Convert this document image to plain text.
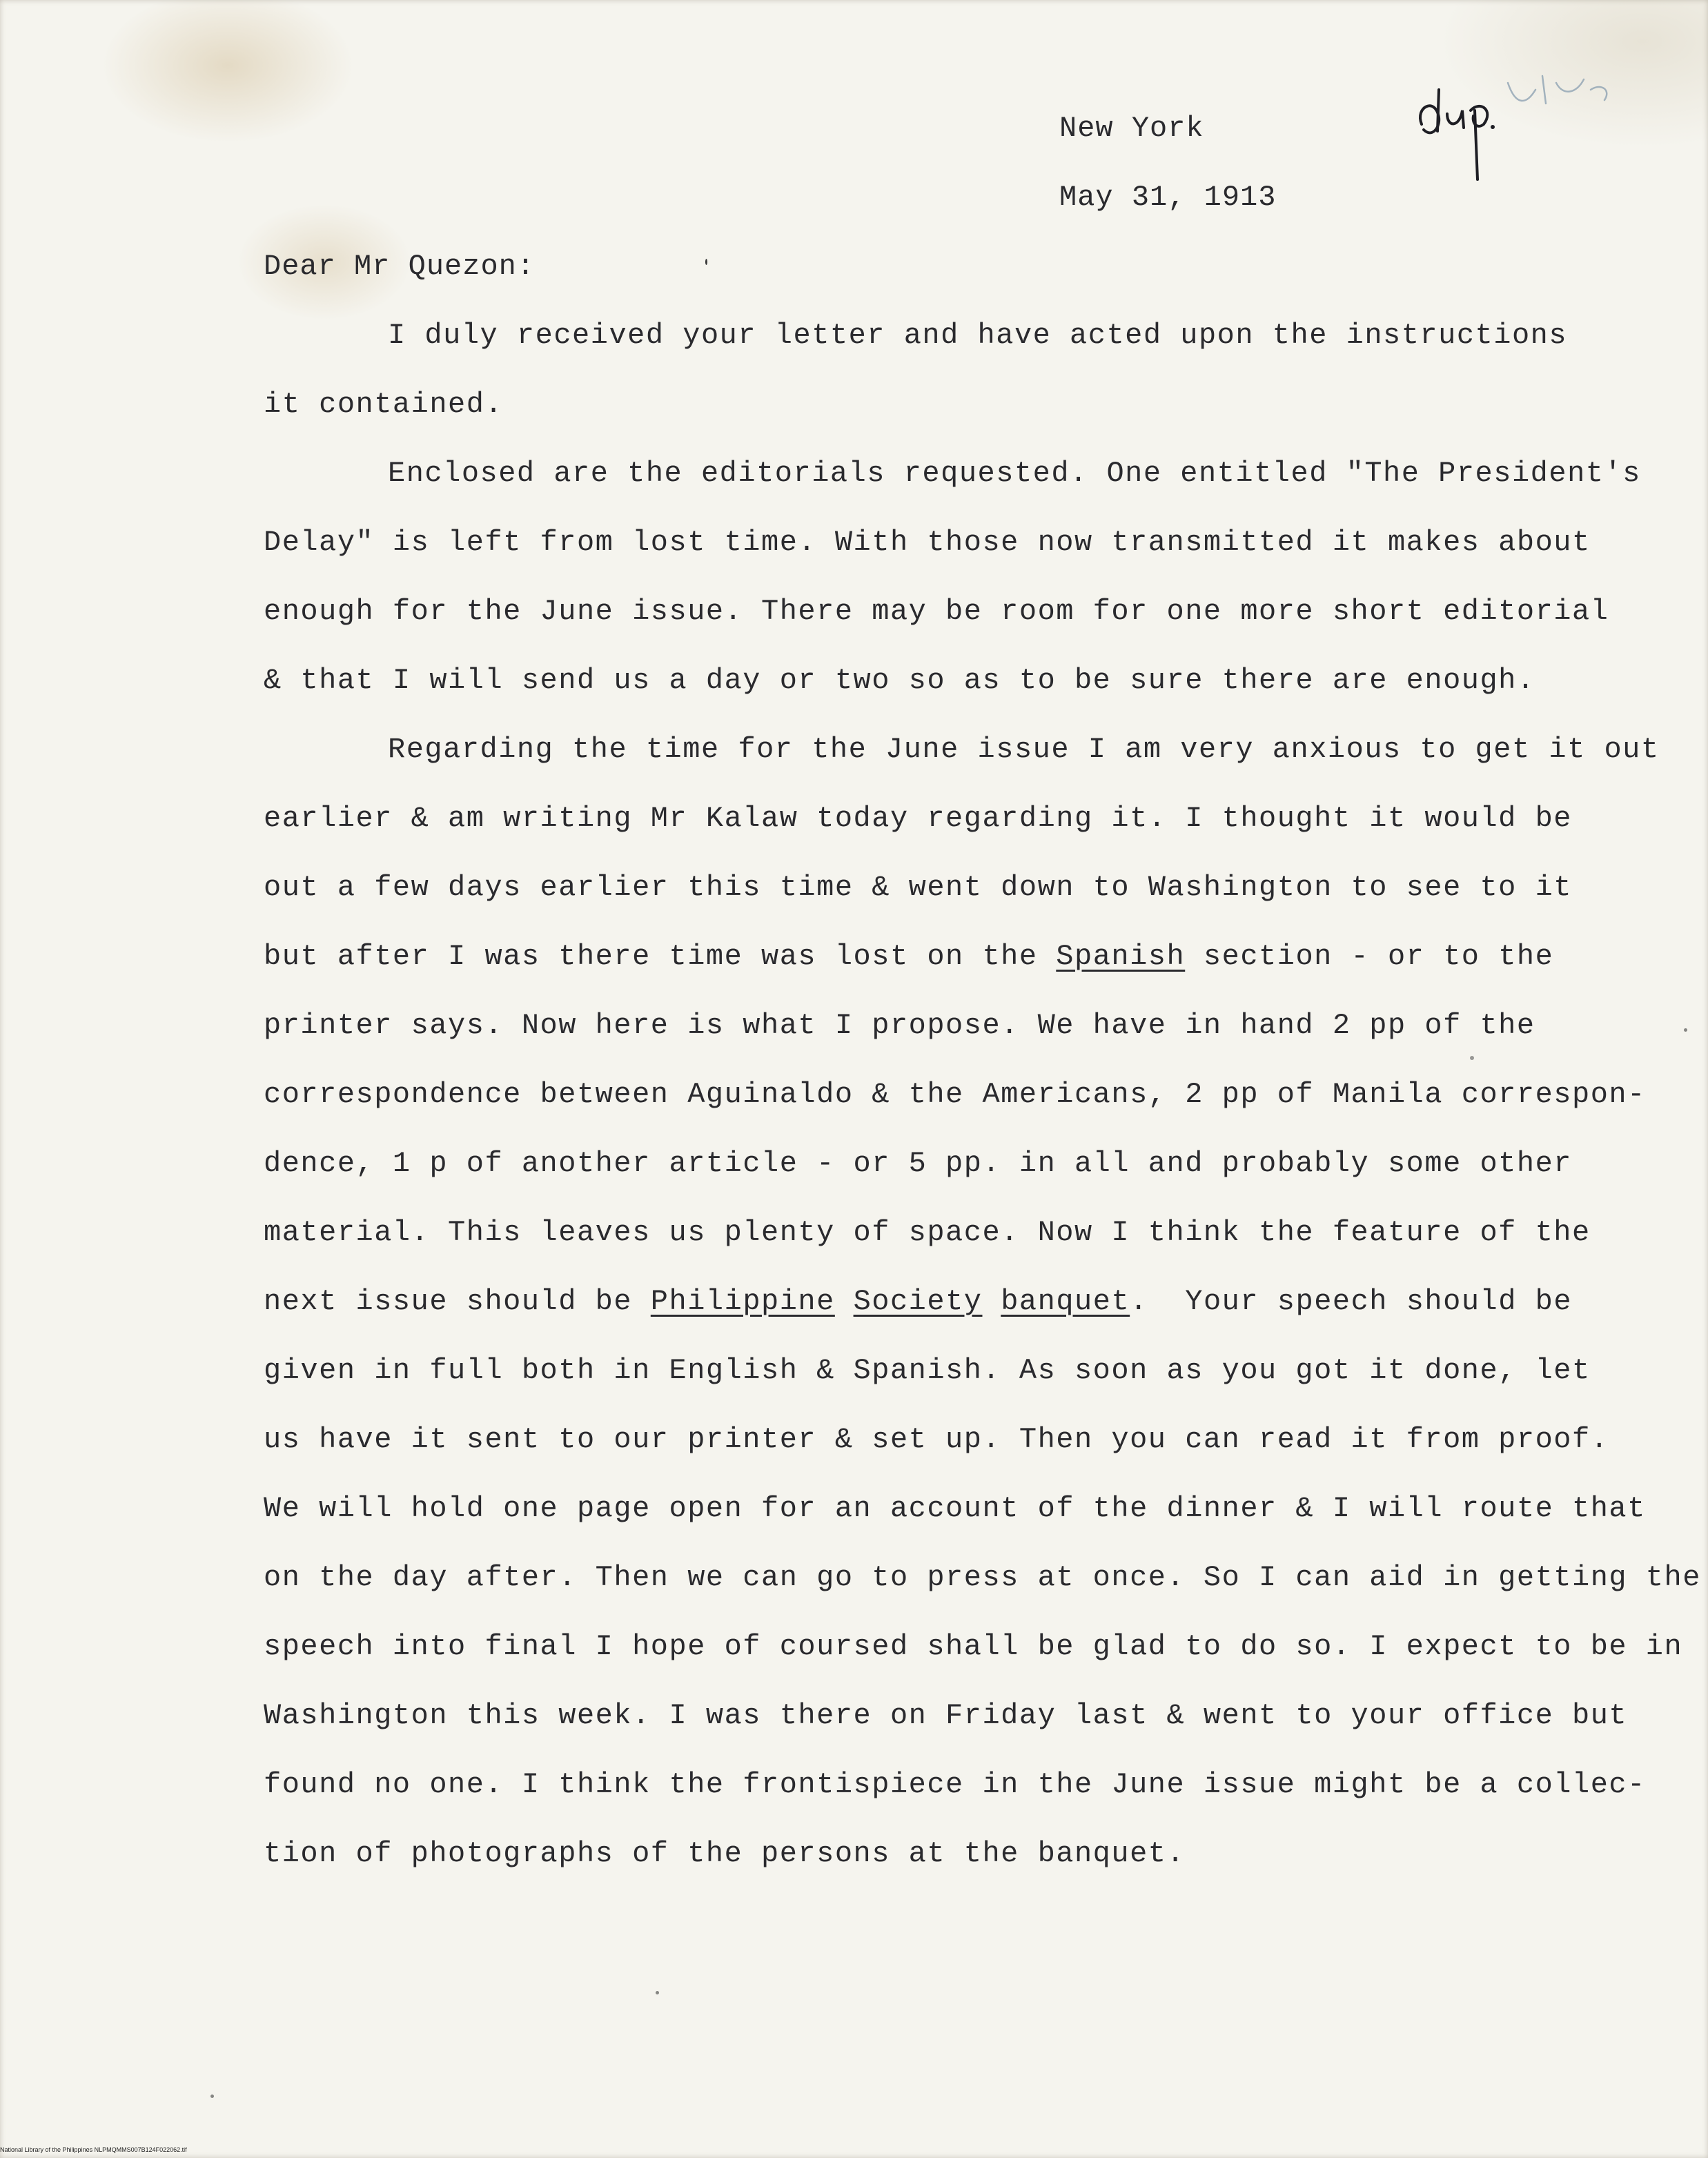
New York
May 31, 1913
dup.
Dear Mr Quezon:
I duly received your letter and have acted upon the instructions
it contained.
Enclosed are the editorials requested. One entitled "The President's
Delay" is left from lost time. With those now transmitted it makes about
enough for the June issue. There may be room for one more short editorial
& that I will send us a day or two so as to be sure there are enough.
Regarding the time for the June issue I am very anxious to get it out
earlier & am writing Mr Kalaw today regarding it. I thought it would be
out a few days earlier this time & went down to Washington to see to it
but after I was there time was lost on the Spanish section - or to the
printer says. Now here is what I propose. We have in hand 2 pp of the
correspondence between Aguinaldo & the Americans, 2 pp of Manila correspon-
dence, 1 p of another article - or 5 pp. in all and probably some other
material. This leaves us plenty of space. Now I think the feature of the
next issue should be Philippine Society banquet.  Your speech should be
given in full both in English & Spanish. As soon as you got it done, let
us have it sent to our printer & set up. Then you can read it from proof.
We will hold one page open for an account of the dinner & I will route that
on the day after. Then we can go to press at once. So I can aid in getting the
speech into final I hope of coursed shall be glad to do so. I expect to be in
Washington this week. I was there on Friday last & went to your office but
found no one. I think the frontispiece in the June issue might be a collec-
tion of photographs of the persons at the banquet.
National Library of the Philippines NLPMQMMS007B124F022062.tif
